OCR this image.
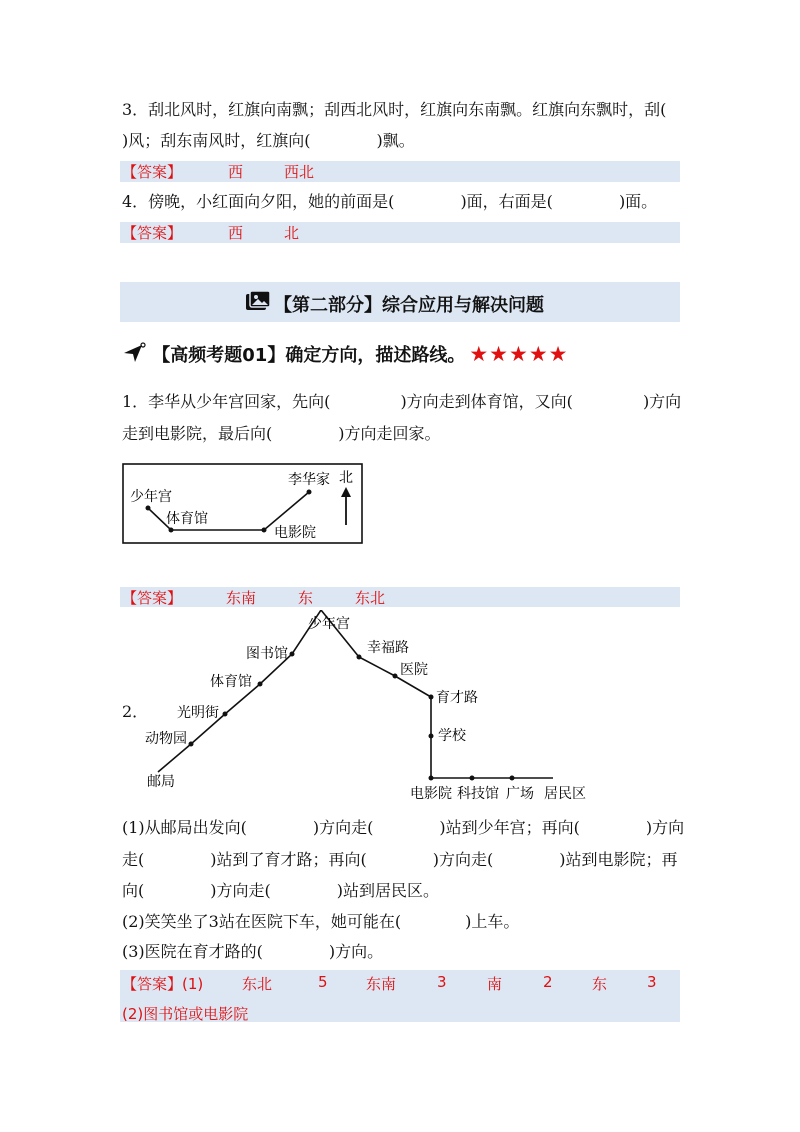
3．刮北风时，红旗向南飘；刮西北风时，红旗向东南飘。红旗向东飘时，刮(
)风；刮东南风时，红旗向(	)飘。
【答案】	西	西北
4．傍晚，小红面向夕阳，她的前面是(	)面，右面是(	)面。
【答案】	西	北
【第二部分】综合应用与解决问题
【高频考题01】确定方向，描述路线。 ★★★★★
1．李华从少年宫回家，先向(	)方向走到体育馆，又向(	)方向
走到电影院，最后向(	)方向走回家。
少年宫
体育馆
电影院
李华家 北
【答案】	东南	东	东北
2．
少年宫
幸福路
图书馆
医院
体育馆
育才路
光明街
学校
动物园
邮局
电影院 科技馆 广场 居民区
(1)从邮局出发向(	)方向走(	)站到少年宫；再向(	)方向
走(	)站到了育才路；再向(	)方向走(	)站到电影院；再
向(	)方向走(	)站到居民区。
(2)笑笑坐了3站在医院下车，她可能在(	)上车。
(3)医院在育才路的(	)方向。
【答案】(1)	东北	5	东南	3	南	2	东	3
(2)图书馆或电影院
